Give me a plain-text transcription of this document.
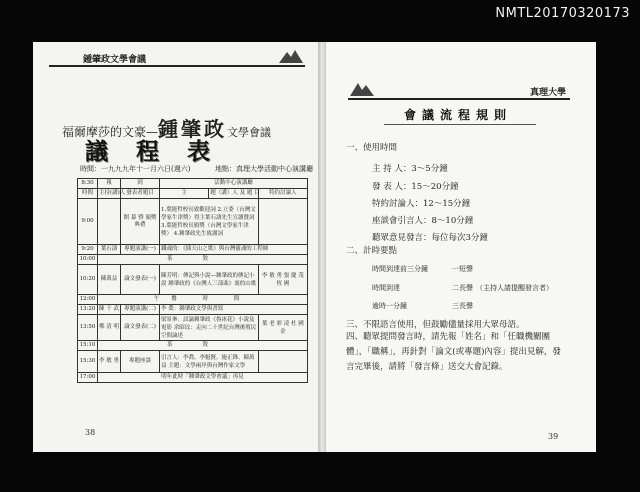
NMTL20170320173
鍾肇政文學會議
福爾摩莎的文豪—鍾肇政文學會議
議 程 表
時間：一九九九年十一月六日(週六)	地點：真理大學活動中心演講廳
8:30	報	到	活動中心演講廳		
時間	主持(講)人	發表者題目	主	題（講）人 及 題 目	特約討論人
9:00		開 幕 暨 頒獎典禮	1.葉能哲校長致歡迎詞 2.立委（台灣文學家牛津獎）得主葉石濤先生宣讀贊詞 3.葉能哲校長頒獎（台灣文學家牛津獎） 4.鍾肇政先生致謝詞		
9:20	葉石濤	專題演講(一)	鐵魂的：《插天山之歌》與台灣靈魂的工程師		
10:00	茶敘				
10:20	陳萬益	論文發表(一)	陳芳明：傳記與小說—鍾肇政的傳記小說 鍾肇政的《台灣人三部曲》裏的山歌		李 敏 勇 張 慶 茂 恆 國
12:00	午餐 時 間				
13:20	陳 千 武	專題演講(二)	李 喬：鍾肇政文學與書寫		
13:50	鄭 清 明	論文發表(二)	梁景峯：試論鍾肇政《魯冰花》小說及電影 余昭玟：走向二十世紀台灣後殖民空間論述		葉 老 彩 凌 杜 國 金
15:10	茶敘				
15:30	李 敏 勇	專題座談	引言人：李喬、李魁賢、施正鋒、陳萬益 主題：文學兩岸與台灣作家文學		
17:00	明年此時「鍾肇政文學會議」再見				
38
真理大學
會議流程規則
一、使用時間
主 持 人：3～5分鐘
發 表 人：15～20分鐘
特約討論人：12～15分鐘
座談會引言人：8～10分鐘
聽眾意見發言：每位每次3分鐘
二、計時要點
時間到達前三分鐘	一短聲
時間到達	二長聲 （主持人請提醒發言者）
逾時一分鐘	三長聲
三、不限語言使用，但鼓勵儘量採用大眾母語。
四、聽眾提問發言時，請先報「姓名」和「任職機關團體」，「職稱」，再針對「論文(或專題)內容」提出見解，發言完畢後，請將「發言條」送交大會記錄。
39
